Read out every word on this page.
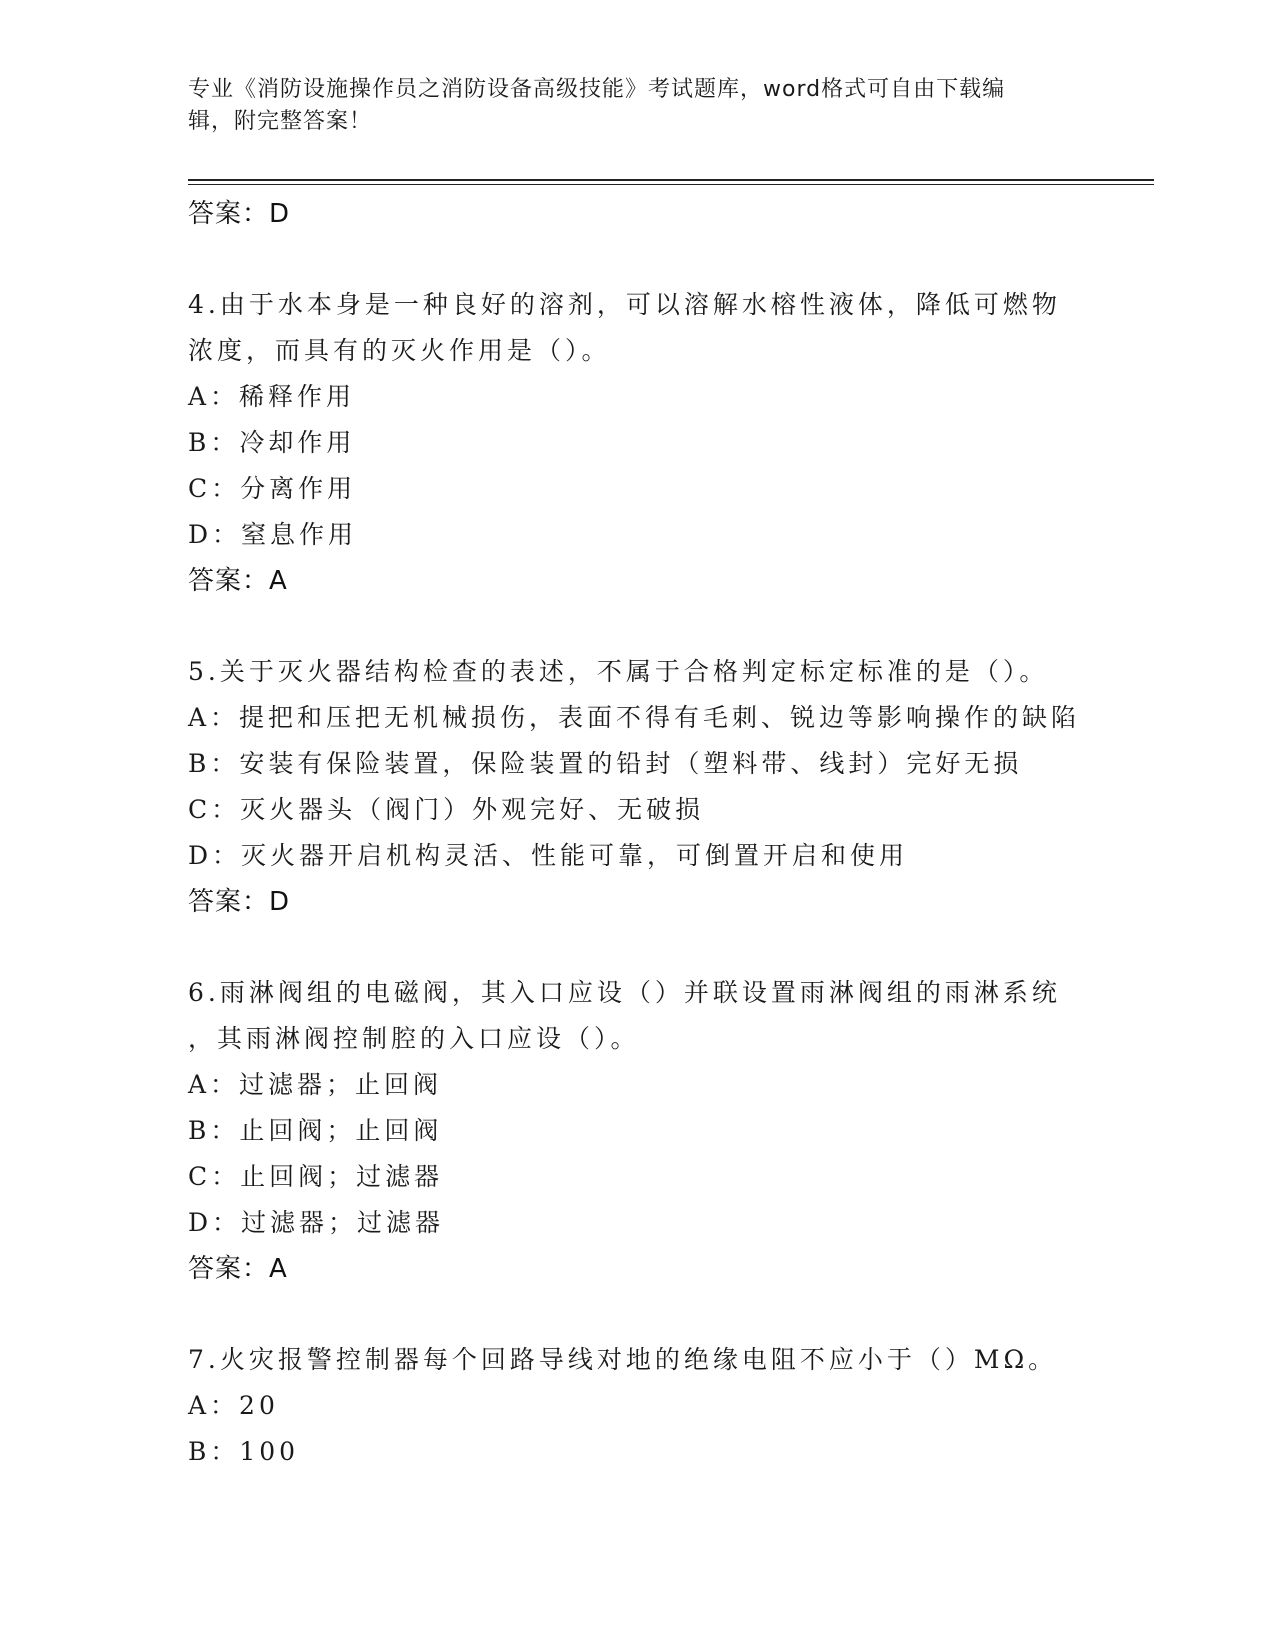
专业《消防设施操作员之消防设备高级技能》考试题库，word格式可自由下载编
辑，附完整答案！
答案：D
4.由于水本身是一种良好的溶剂，可以溶解水榕性液体，降低可燃物
浓度，而具有的灭火作用是（）。
A：稀释作用
B：冷却作用
C：分离作用
D：窒息作用
答案：A
5.关于灭火器结构检查的表述，不属于合格判定标定标准的是（）。
A：提把和压把无机械损伤，表面不得有毛刺、锐边等影响操作的缺陷
B：安装有保险装置，保险装置的铅封（塑料带、线封）完好无损
C：灭火器头（阀门）外观完好、无破损
D：灭火器开启机构灵活、性能可靠，可倒置开启和使用
答案：D
6.雨淋阀组的电磁阀，其入口应设（）并联设置雨淋阀组的雨淋系统
，其雨淋阀控制腔的入口应设（）。
A：过滤器；止回阀
B：止回阀；止回阀
C：止回阀；过滤器
D：过滤器；过滤器
答案：A
7.火灾报警控制器每个回路导线对地的绝缘电阻不应小于（）MΩ。
A：20
B：100
